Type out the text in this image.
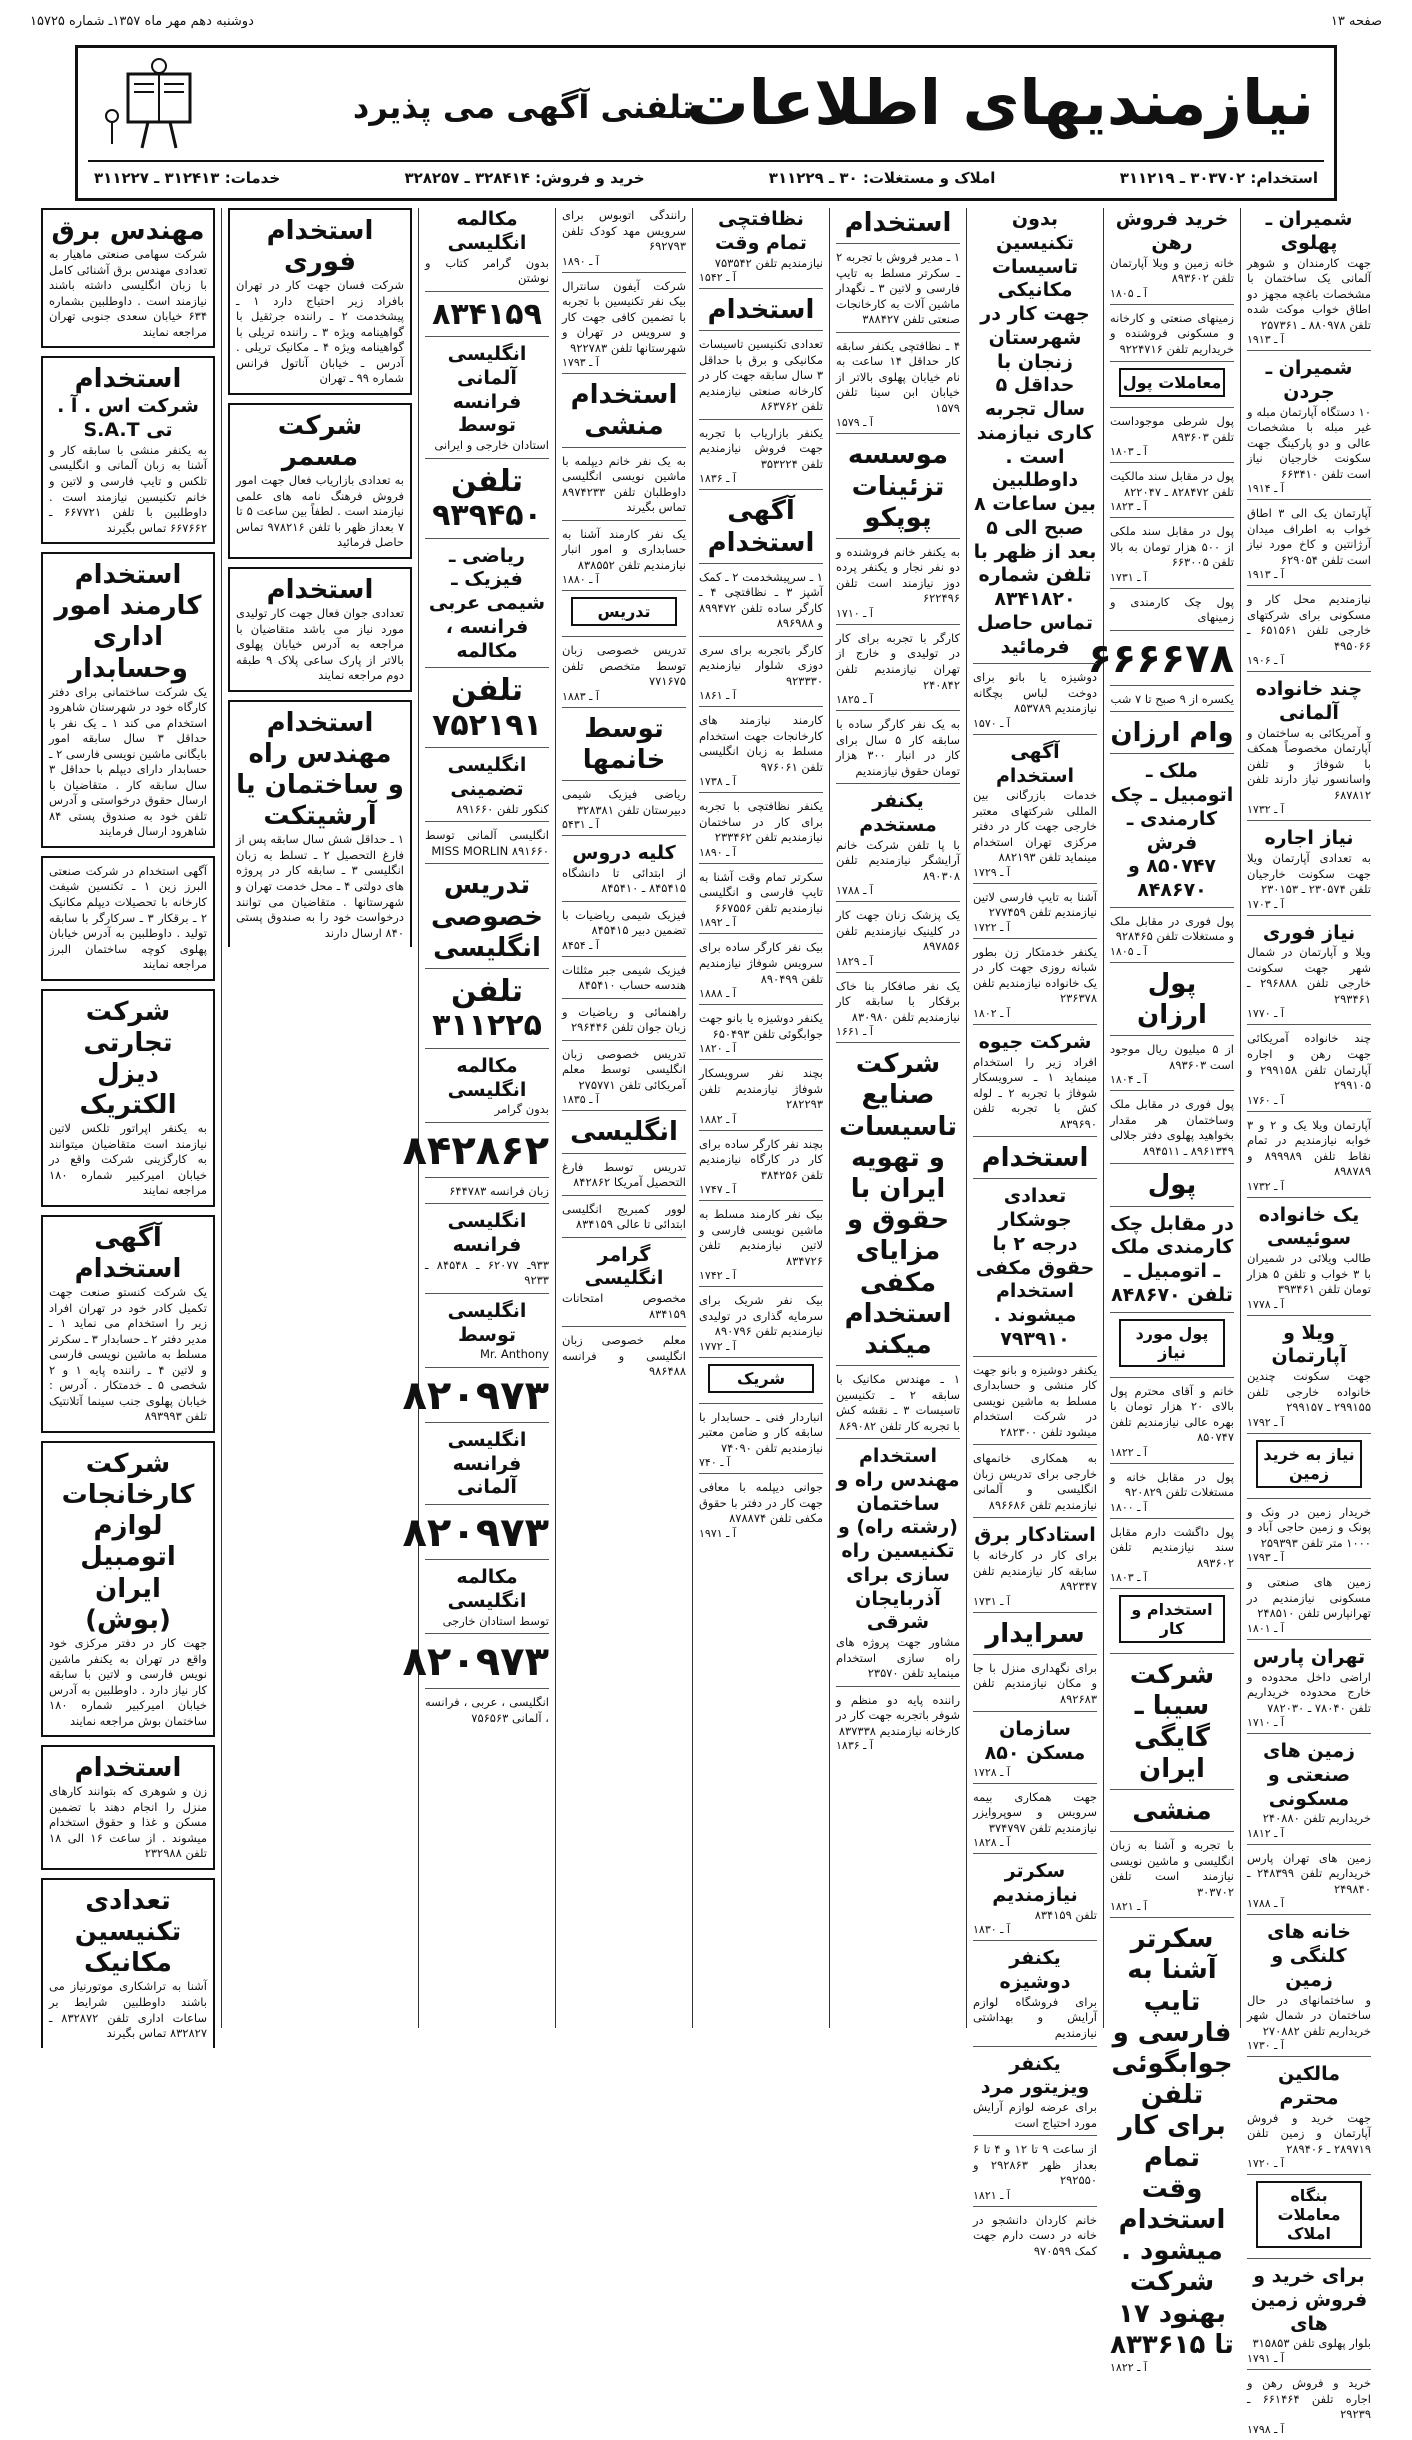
صفحه ۱۳
دوشنبه دهم مهر ماه ۱۳۵۷ـ شماره ۱۵۷۲۵
نیازمندیهای اطلاعات
تلفنی آگهی می پذیرد
استخدام: ۳۰۳۷۰۲ ـ ۳۱۱۲۱۹
املاک و مستغلات: ۳۰ ـ ۳۱۱۲۲۹
خرید و فروش: ۳۲۸۴۱۴ ـ ۳۲۸۲۵۷
خدمات: ۳۱۲۴۱۳ ـ ۳۱۱۲۲۷
شمیران ـ پهلوی
جهت کارمندان و شوهر آلمانی یک ساختمان با مشخصات باغچه مجهز دو اطاق خواب موکت شده تلفن ۸۸۰۹۷۸ ـ ۲۵۷۳۶۱
آ ـ ۱۹۱۳
شمیران ـ جردن
۱۰ دستگاه آپارتمان مبله و غیر مبله با مشخصات عالی و دو پارکینگ جهت سکونت خارجیان نیاز است تلفن ۶۶۳۴۱۰
آ ـ ۱۹۱۴
آپارتمان یک الی ۳ اطاق خواب به اطراف میدان آرژانتین و کاخ مورد نیاز است تلفن ۶۲۹۰۵۴
آ ـ ۱۹۱۳
نیازمندیم محل کار و مسکونی برای شرکتهای خارجی تلفن ۶۵۱۵۶۱ ـ ۴۹۵۰۶۶
آ ـ ۱۹۰۶
چند خانواده آلمانی
و آمریکائی به ساختمان و آپارتمان مخصوصاً همکف با شوفاژ و تلفن واسانسور نیاز دارند تلفن ۶۸۷۸۱۲
آ ـ ۱۷۳۲
نیاز اجاره
به تعدادی آپارتمان ویلا جهت سکونت خارجیان تلفن ۲۳۰۵۷۴ ـ ۲۳۰۱۵۳
آ ـ ۱۷۰۳
نیاز فوری
ویلا و آپارتمان در شمال شهر جهت سکونت خارجی تلفن ۲۹۶۸۸۸ ـ ۲۹۳۴۶۱
آ ـ ۱۷۷۰
چند خانواده آمریکائی جهت رهن و اجاره آپارتمان تلفن ۲۹۹۱۵۸ و ۲۹۹۱۰۵
آ ـ ۱۷۶۰
آپارتمان ویلا یک و ۲ و ۳ خوابه نیازمندیم در تمام نقاط تلفن ۸۹۹۹۸۹ و ۸۹۸۷۸۹
آ ـ ۱۷۳۲
یک خانواده سوئیسی
طالب ویلائی در شمیران با ۳ خواب و تلفن ۵ هزار تومان تلفن ۳۹۳۴۶۱
آ ـ ۱۷۷۸
ویلا و آپارتمان
جهت سکونت چندین خانواده خارجی تلفن ۲۹۹۱۵۵ ـ ۲۹۹۱۵۷
آ ـ ۱۷۹۲
نیاز به خرید زمین
خریدار زمین در ونک و پونک و زمین حاجی آباد و ۱۰۰۰ متر تلفن ۲۵۹۳۹۳
آ ـ ۱۷۹۳
زمین های صنعتی و مسکونی نیازمندیم در تهرانپارس تلفن ۲۴۸۵۱۰
آ ـ ۱۸۰۱
تهران پارس
اراضی داخل محدوده و خارج محدوده خریداریم تلفن ۷۸۰۴۰ ـ ۷۸۲۰۳۰
آ ـ ۱۷۱۰
زمین های صنعتی و مسکونی
خریداریم تلفن ۲۴۰۸۸۰
آ ـ ۱۸۱۲
زمین های تهران پارس خریداریم تلفن ۲۴۸۳۹۹ ـ ۲۴۹۸۴۰
آ ـ ۱۷۸۸
خانه های کلنگی و زمین
و ساختمانهای در حال ساختمان در شمال شهر خریداریم تلفن ۲۷۰۸۸۲
آ ـ ۱۷۳۰
مالکین محترم
جهت خرید و فروش آپارتمان و زمین تلفن ۲۸۹۷۱۹ ـ ۲۸۹۴۰۶
آ ـ ۱۷۲۰
بنگاه معاملات املاک
برای خرید و فروش زمین های
بلوار پهلوی تلفن ۳۱۵۸۵۳
آ ـ ۱۷۹۱
خرید و فروش رهن و اجاره تلفن ۶۶۱۴۶۴ ـ ۲۹۲۳۹
آ ـ ۱۷۹۸
خرید فروش رهن
خانه زمین و ویلا آپارتمان تلفن ۸۹۳۶۰۲
آ ـ ۱۸۰۵
زمینهای صنعتی و کارخانه و مسکونی فروشنده و خریداریم تلفن ۹۲۲۴۷۱۶
معاملات پول
پول شرطی موجوداست تلفن ۸۹۳۶۰۳
آ ـ ۱۸۰۳
پول در مقابل سند مالکیت تلفن ۸۲۸۴۷۲ ـ ۸۲۲۰۴۷
آ ـ ۱۸۲۳
پول در مقابل سند ملکی از ۵۰۰ هزار تومان به بالا تلفن ۶۶۳۰۰۵
آ ـ ۱۷۳۱
پول چک کارمندی و زمینهای
۶۶۶۶۷۸
یکسره از ۹ صبح تا ۷ شب
وام ارزان
ملک ـ اتومبیل ـ چک کارمندی ـ فرش ۸۵۰۷۴۷ و ۸۴۸۶۷۰
پول فوری در مقابل ملک و مستغلات تلفن ۹۲۸۴۶۵
آ ـ ۱۸۰۵
پول ارزان
از ۵ میلیون ریال موجود است ۸۹۳۶۰۳
آ ـ ۱۸۰۴
پول فوری در مقابل ملک وساختمان هر مقدار بخواهید پهلوی دفتر جلالی ۸۹۶۱۳۴۹ ـ ۸۹۴۵۱۱
پول
در مقابل چک کارمندی ملک ـ اتومبیل ـ تلفن ۸۴۸۶۷۰
پول مورد نیاز
خانم و آقای محترم پول بالای ۲۰ هزار تومان با بهره عالی نیازمندیم تلفن ۸۵۰۷۴۷
آ ـ ۱۸۲۲
پول در مقابل خانه و مستغلات تلفن ۹۲۰۸۲۹
آ ـ ۱۸۰۰
پول داگشت دارم مقابل سند نیازمندیم تلفن ۸۹۳۶۰۲
آ ـ ۱۸۰۳
استخدام و کار
شرکت سیبا ـ گایگی ایران
منشی
با تجربه و آشنا به زبان انگلیسی و ماشین نویسی نیازمند است تلفن ۳۰۳۷۰۲
آ ـ ۱۸۲۱
سکرتر آشنا به تایپ فارسی و جوابگوئی تلفن برای کار تمام وقت استخدام میشود . شرکت بهنود ۱۷ تا ۸۳۳۶۱۵
آ ـ ۱۸۲۲
بدون تکنیسین تاسیسات مکانیکی جهت کار در شهرستان زنجان با حداقل ۵ سال تجربه کاری نیازمند است . داوطلبین بین ساعات ۸ صبح الی ۵ بعد از ظهر با تلفن شماره ۸۳۴۱۸۲۰ تماس حاصل فرمائید
دوشیزه یا بانو برای دوخت لباس بچگانه نیازمندیم ۸۵۳۷۸۹
آ ـ ۱۵۷۰
آگهی استخدام
خدمات بازرگانی بین المللی شرکتهای معتبر خارجی جهت کار در دفتر مرکزی تهران استخدام مینماید تلفن ۸۸۲۱۹۳
آ ـ ۱۷۲۹
آشنا به تایپ فارسی لاتین نیازمندیم تلفن ۲۷۷۴۵۹
آ ـ ۱۷۲۲
یکنفر خدمتکار زن بطور شبانه روزی جهت کار در یک خانواده نیازمندیم تلفن ۲۳۶۳۷۸
آ ـ ۱۸۰۲
شرکت جیوه
افراد زیر را استخدام مینماید ۱ ـ سرویسکار شوفاژ با تجربه ۲ ـ لوله کش با تجربه تلفن ۸۳۹۶۹۰
استخدام
تعدادی جوشکار درجه ۲ با حقوق مکفی استخدام میشوند . ۷۹۳۹۱۰
یکنفر دوشیزه و بانو جهت کار منشی و حسابداری مسلط به ماشین نویسی در شرکت استخدام میشود تلفن ۲۸۲۳۰۰
به همکاری خانمهای خارجی برای تدریس زبان انگلیسی و آلمانی نیازمندیم تلفن ۸۹۶۶۸۶
استادکار برق
برای کار در کارخانه با سابقه کار نیازمندیم تلفن ۸۹۲۳۴۷
آ ـ ۱۷۳۱
سرایدار
برای نگهداری منزل با جا و مکان نیازمندیم تلفن ۸۹۲۶۸۳
سازمان مسکن ۸۵۰
آ ـ ۱۷۲۸
جهت همکاری بیمه سرویس و سوپروایزر نیازمندیم تلفن ۳۷۴۷۹۷
آ ـ ۱۸۲۸
سکرتر نیازمندیم
تلفن ۸۳۴۱۵۹
آ ـ ۱۸۳۰
یکنفر دوشیزه
برای فروشگاه لوازم آرایش و بهداشتی نیازمندیم
یکنفر ویزیتور مرد
برای عرضه لوازم آرایش مورد احتیاج است
از ساعت ۹ تا ۱۲ و ۴ تا ۶ بعداز ظهر ۲۹۲۸۶۳ و ۲۹۲۵۵۰
آ ـ ۱۸۲۱
خانم کاردان دانشجو در خانه در دست دارم جهت کمک ۹۷۰۵۹۹
استخدام
۱ ـ مدیر فروش با تجربه ۲ ـ سکرتر مسلط به تایپ فارسی و لاتین ۳ ـ نگهدار ماشین آلات به کارخانجات صنعتی تلفن ۳۸۸۴۲۷
۴ ـ نظافتچی یکنفر سابقه کار حداقل ۱۴ ساعت به نام خیابان پهلوی بالاتر از خیابان ابن سینا تلفن ۱۵۷۹
آ ـ ۱۵۷۹
موسسه تزئینات پوپکو
به یکنفر خانم فروشنده و دو نفر نجار و یکنفر پرده دوز نیازمند است تلفن ۶۲۲۴۹۶
آ ـ ۱۷۱۰
کارگر با تجربه برای کار در تولیدی و خارج از تهران نیازمندیم تلفن ۲۴۰۸۴۲
آ ـ ۱۸۲۵
به یک نفر کارگر ساده با سابقه کار ۵ سال برای کار در انبار ۳۰۰ هزار تومان حقوق نیازمندیم
یکنفر مستخدم
با پا تلفن شرکت خانم آرایشگر نیازمندیم تلفن ۸۹۰۳۰۸
آ ـ ۱۷۸۸
یک پزشک زنان جهت کار در کلینیک نیازمندیم تلفن ۸۹۷۸۵۶
آ ـ ۱۸۲۹
یک نفر صافکار بنا خاک برقکار با سابقه کار نیازمندیم تلفن ۸۳۰۹۸۰
آ ـ ۱۶۶۱
شرکت صنایع تاسیسات و تهویه ایران با حقوق و مزایای مکفی استخدام میکند
۱ ـ مهندس مکانیک با سابقه ۲ ـ تکنیسین تاسیسات ۳ ـ نقشه کش با تجربه کار تلفن ۸۶۹۰۸۲
استخدام مهندس راه و ساختمان (رشته راه) و تکنیسین راه سازی برای آذربایجان شرقی
مشاور جهت پروژه های راه سازی استخدام مینماید تلفن ۲۳۵۷۰
راننده پایه دو منظم و شوفر باتجربه جهت کار در کارخانه نیازمندیم ۸۳۷۳۳۸
آ ـ ۱۸۳۶
نظافتچی تمام وقت
نیازمندیم تلفن ۷۵۳۵۴۲
آ ـ ۱۵۴۲
استخدام
تعدادی تکنیسین تاسیسات مکانیکی و برق با حداقل ۳ سال سابقه جهت کار در کارخانه صنعتی نیازمندیم تلفن ۸۶۳۷۶۲
یکنفر بازاریاب با تجربه جهت فروش نیازمندیم تلفن ۳۵۳۲۲۴
آ ـ ۱۸۳۶
آگهی استخدام
۱ ـ سرپیشخدمت ۲ ـ کمک آشپز ۳ ـ نظافتچی ۴ ـ کارگر ساده تلفن ۸۹۹۴۷۲ و ۸۹۶۹۸۸
کارگر باتجربه برای سری دوزی شلوار نیازمندیم ۹۲۳۳۳۰
آ ـ ۱۸۶۱
کارمند نیازمند های کارخانجات جهت استخدام مسلط به زبان انگلیسی تلفن ۹۷۶۰۶۱
آ ـ ۱۷۳۸
یکنفر نظافتچی با تجربه برای کار در ساختمان نیازمندیم تلفن ۲۳۳۴۶۲
آ ـ ۱۸۹۰
سکرتر تمام وقت آشنا به تایپ فارسی و انگلیسی نیازمندیم تلفن ۶۶۷۵۵۶
آ ـ ۱۸۹۲
بیک نفر کارگر ساده برای سرویس شوفاژ نیازمندیم تلفن ۸۹۰۴۹۹
آ ـ ۱۸۸۸
یکنفر دوشیزه یا بانو جهت جوابگوئی تلفن ۶۵۰۴۹۳
آ ـ ۱۸۲۰
بچند نفر سرویسکار شوفاژ نیازمندیم تلفن ۲۸۲۲۹۳
آ ـ ۱۸۸۲
بچند نفر کارگر ساده برای کار در کارگاه نیازمندیم تلفن ۳۸۴۲۵۶
آ ـ ۱۷۴۷
بیک نفر کارمند مسلط به ماشین نویسی فارسی و لاتین نیازمندیم تلفن ۸۳۴۷۲۶
آ ـ ۱۷۴۲
بیک نفر شریک برای سرمایه گذاری در تولیدی نیازمندیم تلفن ۸۹۰۷۹۶
آ ـ ۱۷۷۲
شریک
انباردار فنی ـ حسابدار با سابقه کار و ضامن معتبر نیازمندیم تلفن ۷۴۰۹۰
آ ـ ۷۴۰
جوانی دیپلمه با معافی جهت کار در دفتر با حقوق مکفی تلفن ۸۷۸۸۷۴
آ ـ ۱۹۷۱
رانندگی اتوبوس برای سرویس مهد کودک تلفن ۶۹۲۷۹۳
آ ـ ۱۸۹۰
شرکت آیفون سانترال بیک نفر تکنیسین با تجربه با تضمین کافی جهت کار و سرویس در تهران و شهرستانها تلفن ۹۲۲۷۸۳
آ ـ ۱۷۹۳
استخدام منشی
به یک نفر خانم دیپلمه با ماشین نویسی انگلیسی داوطلبان تلفن ۸۹۷۴۲۳۳ تماس بگیرند
یک نفر کارمند آشنا به حسابداری و امور انبار نیازمندیم تلفن ۸۳۸۵۵۲
آ ـ ۱۸۸۰
تدریس
تدریس خصوصی زبان توسط متخصص تلفن ۷۷۱۶۷۵
آ ـ ۱۸۸۳
توسط خانمها
ریاضی فیزیک شیمی دبیرستان تلفن ۳۲۸۳۸۱
آ ـ ۵۴۳۱
کلیه دروس
از ابتدائی تا دانشگاه ۸۴۵۴۱۵ ـ ۸۴۵۴۱۰
فیزیک شیمی ریاضیات با تضمین دبیر ۸۴۵۴۱۵
آ ـ ۸۴۵۴
فیزیک شیمی جبر مثلثات هندسه حساب ۸۴۵۴۱۰
راهنمائی و ریاضیات و زبان جوان تلفن ۲۹۶۴۴۶
تدریس خصوصی زبان انگلیسی توسط معلم آمریکائی تلفن ۲۷۵۷۷۱
آ ـ ۱۸۳۵
انگلیسی
تدریس توسط فارغ التحصیل آمریکا ۸۴۲۸۶۲
لوور کمبریج انگلیسی ابتدائی تا عالی ۸۳۴۱۵۹
گرامر انگلیسی
مخصوص امتحانات ۸۳۴۱۵۹
معلم خصوصی زبان انگلیسی و فرانسه ۹۸۶۴۸۸
مکالمه انگلیسی
بدون گرامر کتاب و نوشتن
۸۳۴۱۵۹
انگلیسی آلمانی فرانسه توسط
استادان خارجی و ایرانی
تلفن ۹۳۹۴۵۰
ریاضی ـ فیزیک ـ شیمی عربی فرانسه ، مکالمه
تلفن ۷۵۲۱۹۱
انگلیسی تضمینی
کنکور تلفن ۸۹۱۶۶۰
انگلیسی آلمانی توسط MISS MORLIN ۸۹۱۶۶۰
تدریس خصوصی انگلیسی
تلفن ۳۱۱۲۲۵
مکالمه انگلیسی
بدون گرامر
۸۴۲۸۶۲
زبان فرانسه ۶۴۴۷۸۳
انگلیسی فرانسه
۹۳۳ـ ۶۲۰۷۷ ـ ۸۴۵۴۸ ـ ۹۲۳۳
انگلیسی توسط
Mr. Anthony
۸۲۰۹۷۳
انگلیسی فرانسه آلمانی
۸۲۰۹۷۳
مکالمه انگلیسی
توسط استادان خارجی
۸۲۰۹۷۳
انگلیسی ، عربی ، فرانسه ، آلمانی ۷۵۶۵۶۳
استخدام فوری
شرکت فسان جهت کار در تهران بافراد زیر احتیاج دارد ۱ ـ پیشخدمت ۲ ـ راننده جرثقیل با گواهینامه ویژه ۳ ـ راننده تریلی با گواهینامه ویژه ۴ ـ مکانیک تریلی . آدرس ـ خیابان آناتول فرانس شماره ۹۹ ـ تهران
شرکت مسمر
به تعدادی بازاریاب فعال جهت امور فروش فرهنگ نامه های علمی نیازمند است . لطفاً بین ساعت ۵ تا ۷ بعداز ظهر با تلفن ۹۷۸۲۱۶ تماس حاصل فرمائید
استخدام
تعدادی جوان فعال جهت کار تولیدی مورد نیاز می باشد متقاضیان با مراجعه به آدرس خیابان پهلوی بالاتر از پارک ساعی پلاک ۹ طبقه دوم مراجعه نمایند
استخدام مهندس راه و ساختمان یا آرشیتکت
۱ ـ حداقل شش سال سابقه پس از فارغ التحصیل ۲ ـ تسلط به زبان انگلیسی ۳ ـ سابقه کار در پروژه های دولتی ۴ ـ محل خدمت تهران و شهرستانها . متقاضیان می توانند درخواست خود را به صندوق پستی ۸۴۰ ارسال دارند
مهندس برق
شرکت سهامی صنعتی ماهیار به تعدادی مهندس برق آشنائی کامل با زبان انگلیسی داشته باشند نیازمند است . داوطلبین بشماره ۶۳۴ خیابان سعدی جنوبی تهران مراجعه نمایند
استخدام
شرکت اس . آ . تی S.A.T
به یکنفر منشی با سابقه کار و آشنا به زبان آلمانی و انگلیسی تلکس و تایپ فارسی و لاتین و خانم تکنیسین نیازمند است . داوطلبین با تلفن ۶۶۷۷۲۱ ـ ۶۶۷۶۶۲ تماس بگیرند
استخدام کارمند امور اداری وحسابدار
یک شرکت ساختمانی برای دفتر کارگاه خود در شهرستان شاهرود استخدام می کند ۱ ـ یک نفر با حداقل ۳ سال سابقه امور بایگانی ماشین نویسی فارسی ۲ ـ حسابدار دارای دیپلم با حداقل ۳ سال سابقه کار . متقاضیان با ارسال حقوق درخواستی و آدرس تلفن خود به صندوق پستی ۸۴ شاهرود ارسال فرمایند
آگهی استخدام در شرکت صنعتی البرز زین ۱ ـ تکنسین شیفت کارخانه با تحصیلات دیپلم مکانیک ۲ ـ برقکار ۳ ـ سرکارگر با سابقه تولید . داوطلبین به آدرس خیابان پهلوی کوچه ساختمان البرز مراجعه نمایند
شرکت تجارتی دیزل الکتریک
به یکنفر اپراتور تلکس لاتین نیازمند است متقاضیان میتوانند به کارگزینی شرکت واقع در خیابان امیرکبیر شماره ۱۸۰ مراجعه نمایند
آگهی استخدام
یک شرکت کنستو صنعت جهت تکمیل کادر خود در تهران افراد زیر را استخدام می نماید ۱ ـ مدیر دفتر ۲ ـ حسابدار ۳ ـ سکرتر مسلط به ماشین نویسی فارسی و لاتین ۴ ـ راننده پایه ۱ و ۲ شخصی ۵ ـ خدمتکار . آدرس : خیابان پهلوی جنب سینما آتلانتیک تلفن ۸۹۳۹۹۳
شرکت کارخانجات لوازم اتومبیل ایران (بوش)
جهت کار در دفتر مرکزی خود واقع در تهران به یکنفر ماشین نویس فارسی و لاتین با سابقه کار نیاز دارد . داوطلبین به آدرس خیابان امیرکبیر شماره ۱۸۰ ساختمان بوش مراجعه نمایند
استخدام
زن و شوهری که بتوانند کارهای منزل را انجام دهند با تضمین مسکن و غذا و حقوق استخدام میشوند . از ساعت ۱۶ الی ۱۸ تلفن ۲۳۲۹۸۸
تعدادی تکنیسین مکانیک
آشنا به تراشکاری موتورنیاز می باشند داوطلبین شرایط بر ساعات اداری تلفن ۸۳۲۸۷۲ ـ ۸۳۲۸۲۷ تماس بگیرند
